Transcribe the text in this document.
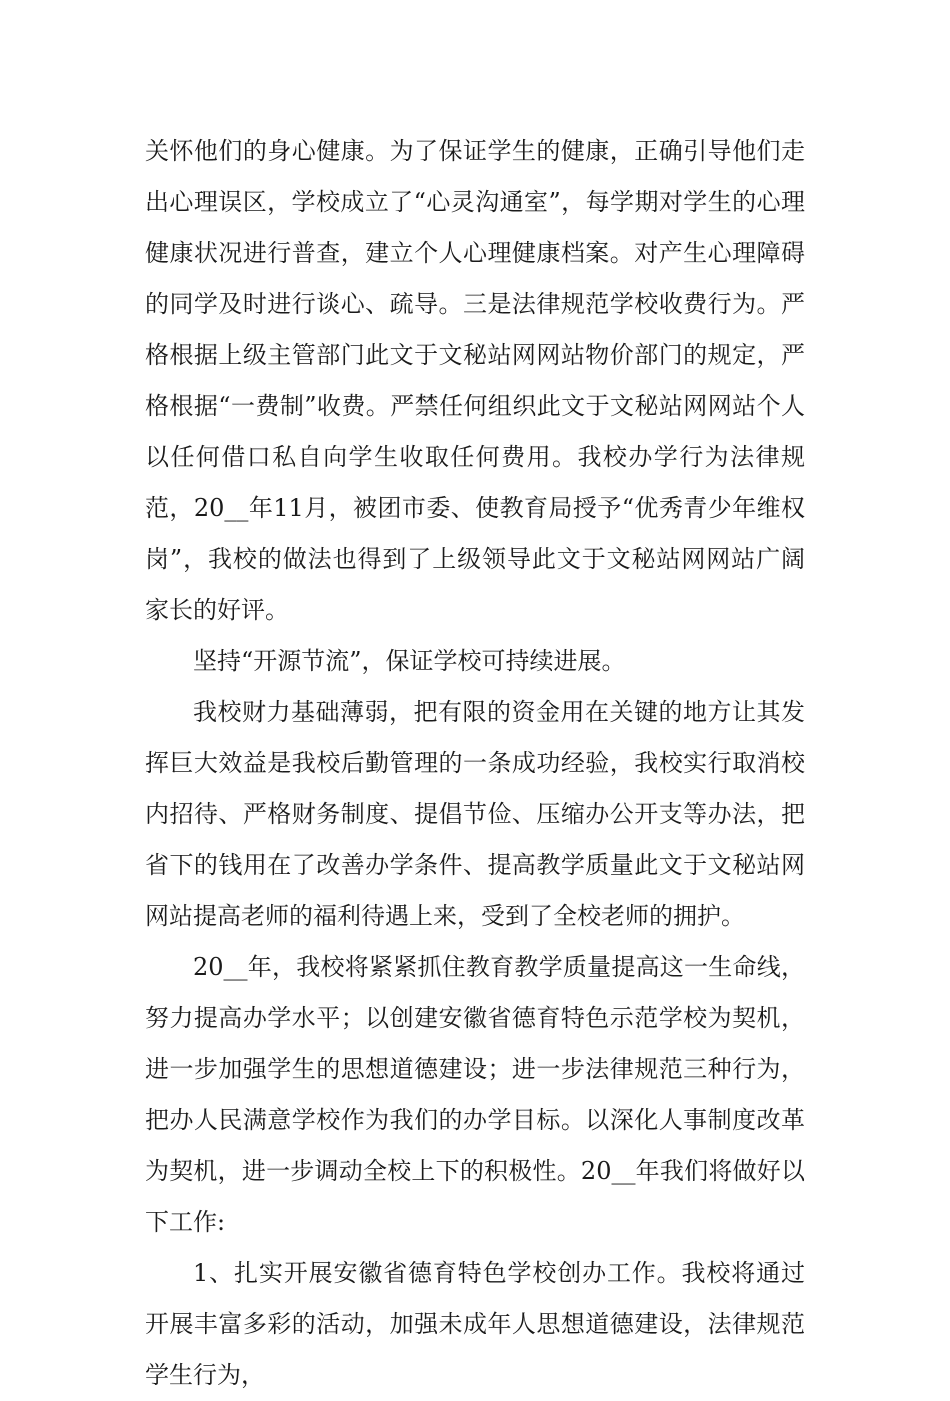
关怀他们的身心健康。为了保证学生的健康，正确引导他们走出心理误区，学校成立了“心灵沟通室”，每学期对学生的心理健康状况进行普查，建立个人心理健康档案。对产生心理障碍的同学及时进行谈心、疏导。三是法律规范学校收费行为。严格根据上级主管部门此文于文秘站网网站物价部门的规定，严格根据“一费制”收费。严禁任何组织此文于文秘站网网站个人以任何借口私自向学生收取任何费用。我校办学行为法律规范，20__年11月，被团市委、使教育局授予“优秀青少年维权岗”，我校的做法也得到了上级领导此文于文秘站网网站广阔家长的好评。

坚持“开源节流”，保证学校可持续进展。

我校财力基础薄弱，把有限的资金用在关键的地方让其发挥巨大效益是我校后勤管理的一条成功经验，我校实行取消校内招待、严格财务制度、提倡节俭、压缩办公开支等办法，把省下的钱用在了改善办学条件、提高教学质量此文于文秘站网网站提高老师的福利待遇上来，受到了全校老师的拥护。

20__年，我校将紧紧抓住教育教学质量提高这一生命线，努力提高办学水平；以创建安徽省德育特色示范学校为契机，进一步加强学生的思想道德建设；进一步法律规范三种行为，把办人民满意学校作为我们的办学目标。以深化人事制度改革为契机，进一步调动全校上下的积极性。20__年我们将做好以下工作:

1、扎实开展安徽省德育特色学校创办工作。我校将通过开展丰富多彩的活动，加强未成年人思想道德建设，法律规范学生行为，
